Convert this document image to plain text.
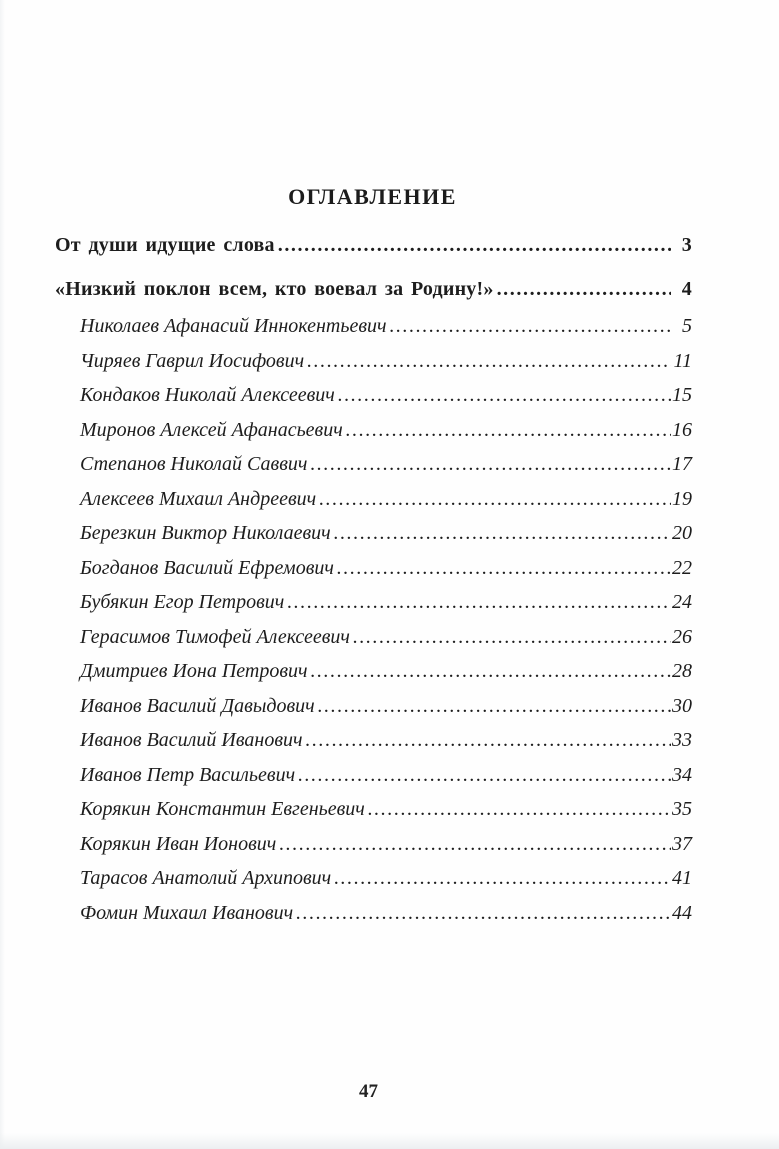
ОГЛАВЛЕНИЕ
От души идущие слова .....	3
«Низкий поклон всем, кто воевал за Родину!» .....	4
Николаев Афанасий Иннокентьевич .....	5
Чиряев Гаврил Иосифович .....	11
Кондаков Николай Алексеевич .....	15
Миронов Алексей Афанасьевич .....	16
Степанов Николай Саввич .....	17
Алексеев Михаил Андреевич .....	19
Березкин Виктор Николаевич .....	20
Богданов Василий Ефремович .....	22
Бубякин Егор Петрович .....	24
Герасимов Тимофей Алексеевич .....	26
Дмитриев Иона Петрович .....	28
Иванов Василий Давыдович .....	30
Иванов Василий Иванович .....	33
Иванов Петр Васильевич .....	34
Корякин Константин Евгеньевич .....	35
Корякин Иван Ионович .....	37
Тарасов Анатолий Архипович .....	41
Фомин Михаил Иванович .....	44
47
